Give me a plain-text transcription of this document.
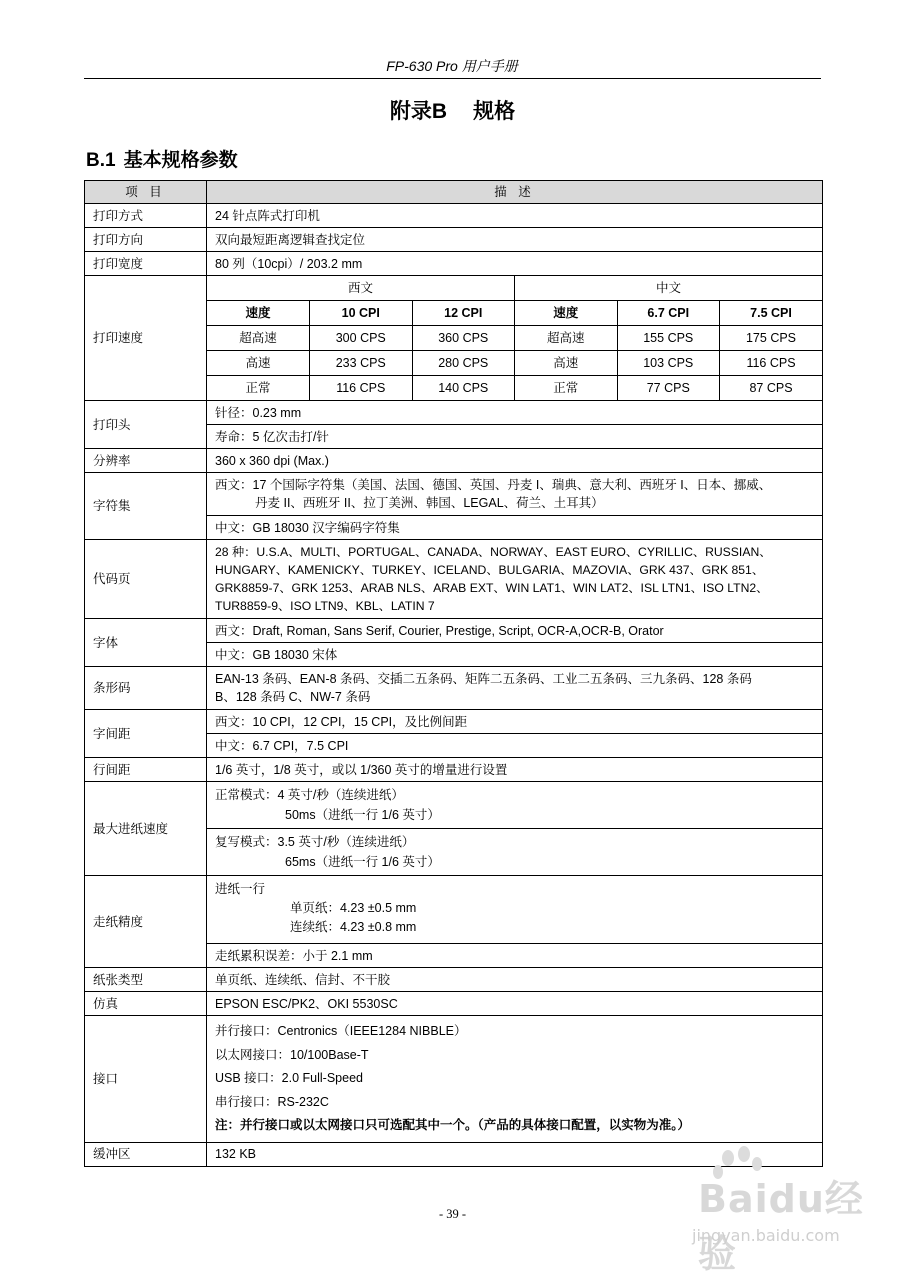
FP-630 Pro 用户手册
附录B 规格
B.1 基本规格参数
项 目	描 述
打印方式	24 针点阵式打印机
打印方向	双向最短距离逻辑查找定位
打印宽度	80 列（10cpi）/ 203.2 mm
打印速度	
西文	中文
速度	10 CPI	12 CPI	速度	6.7 CPI	7.5 CPI
超高速	300 CPS	360 CPS	超高速	155 CPS	175 CPS
高速	233 CPS	280 CPS	高速	103 CPS	116 CPS
正常	116 CPS	140 CPS	正常	77 CPS	87 CPS

打印头	针径：0.23 mm
寿命：5 亿次击打/针
分辨率	360 x 360 dpi (Max.)
字符集	
西文：17 个国际字符集（美国、法国、德国、英国、丹麦 I、瑞典、意大利、西班牙 I、日本、挪威、
丹麦 II、西班牙 II、拉丁美洲、韩国、LEGAL、荷兰、土耳其）

中文：GB 18030 汉字编码字符集
代码页	
28 种：U.S.A、MULTI、PORTUGAL、CANADA、NORWAY、EAST EURO、CYRILLIC、RUSSIAN、
HUNGARY、KAMENICKY、TURKEY、ICELAND、BULGARIA、MAZOVIA、GRK 437、GRK 851、
GRK8859-7、GRK 1253、ARAB NLS、ARAB EXT、WIN LAT1、WIN LAT2、ISL LTN1、ISO LTN2、
TUR8859-9、ISO LTN9、KBL、LATIN 7

字体	西文：Draft, Roman, Sans Serif, Courier, Prestige, Script, OCR-A,OCR-B, Orator
中文：GB 18030 宋体
条形码	
EAN-13 条码、EAN-8 条码、交插二五条码、矩阵二五条码、工业二五条码、三九条码、128 条码
B、128 条码 C、NW-7 条码

字间距	西文：10 CPI，12 CPI，15 CPI，及比例间距
中文：6.7 CPI，7.5 CPI
行间距	1/6 英寸，1/8 英寸，或以 1/360 英寸的增量进行设置
最大进纸速度	
正常模式：4 英寸/秒（连续进纸）
50ms（进纸一行 1/6 英寸）

复写模式：3.5 英寸/秒（连续进纸）
65ms（进纸一行 1/6 英寸）

走纸精度	
进纸一行
单页纸：4.23 ±0.5 mm
连续纸：4.23 ±0.8 mm

走纸累积误差：小于 2.1 mm
纸张类型	单页纸、连续纸、信封、不干胶
仿真	EPSON ESC/PK2、OKI 5530SC
接口	
并行接口：Centronics（IEEE1284 NIBBLE）
以太网接口：10/100Base-T
USB 接口：2.0 Full-Speed
串行接口：RS-232C
注：并行接口或以太网接口只可选配其中一个。（产品的具体接口配置，以实物为准。）

缓冲区	132 KB
- 39 -	Baidu经验
jingyan.baidu.com
